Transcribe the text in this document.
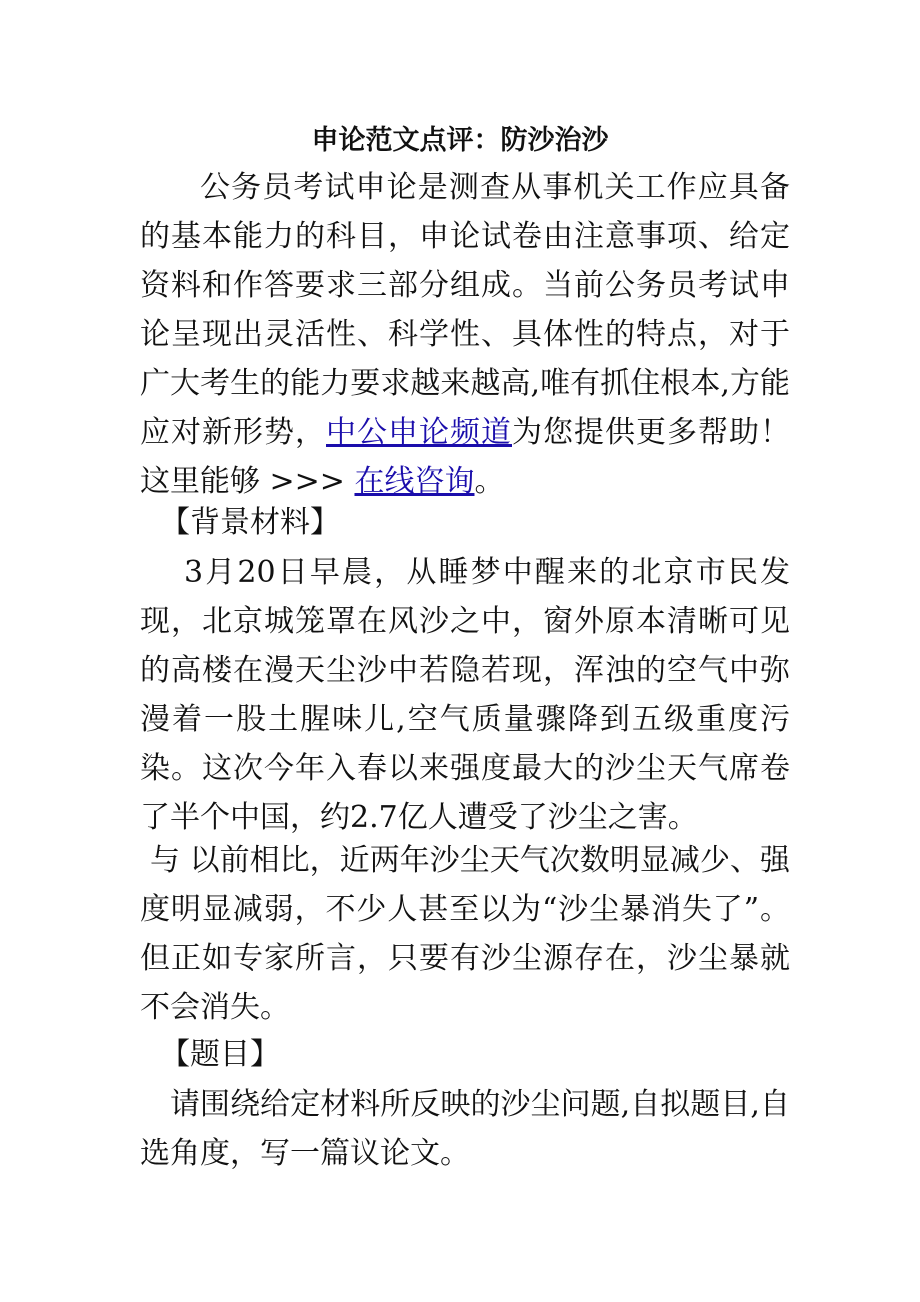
申论范文点评：防沙治沙
公务员考试申论是测查从事机关工作应具备的基本能力的科目，申论试卷由注意事项、给定资料和作答要求三部分组成。当前公务员考试申论呈现出灵活性、科学性、具体性的特点，对于广大考生的能力要求越来越高,唯有抓住根本,方能应对新形势，中公申论频道为您提供更多帮助！ 这里能够 >>> 在线咨询。
【背景材料】
3月20日早晨，从睡梦中醒来的北京市民发现，北京城笼罩在风沙之中，窗外原本清晰可见的高楼在漫天尘沙中若隐若现，浑浊的空气中弥漫着一股土腥味儿,空气质量骤降到五级重度污染。这次今年入春以来强度最大的沙尘天气席卷了半个中国，约2.7亿人遭受了沙尘之害。
与 以前相比，近两年沙尘天气次数明显减少、强度明显减弱，不少人甚至以为“沙尘暴消失了”。但正如专家所言，只要有沙尘源存在，沙尘暴就不会消失。
【题目】
请围绕给定材料所反映的沙尘问题,自拟题目,自选角度，写一篇议论文。
